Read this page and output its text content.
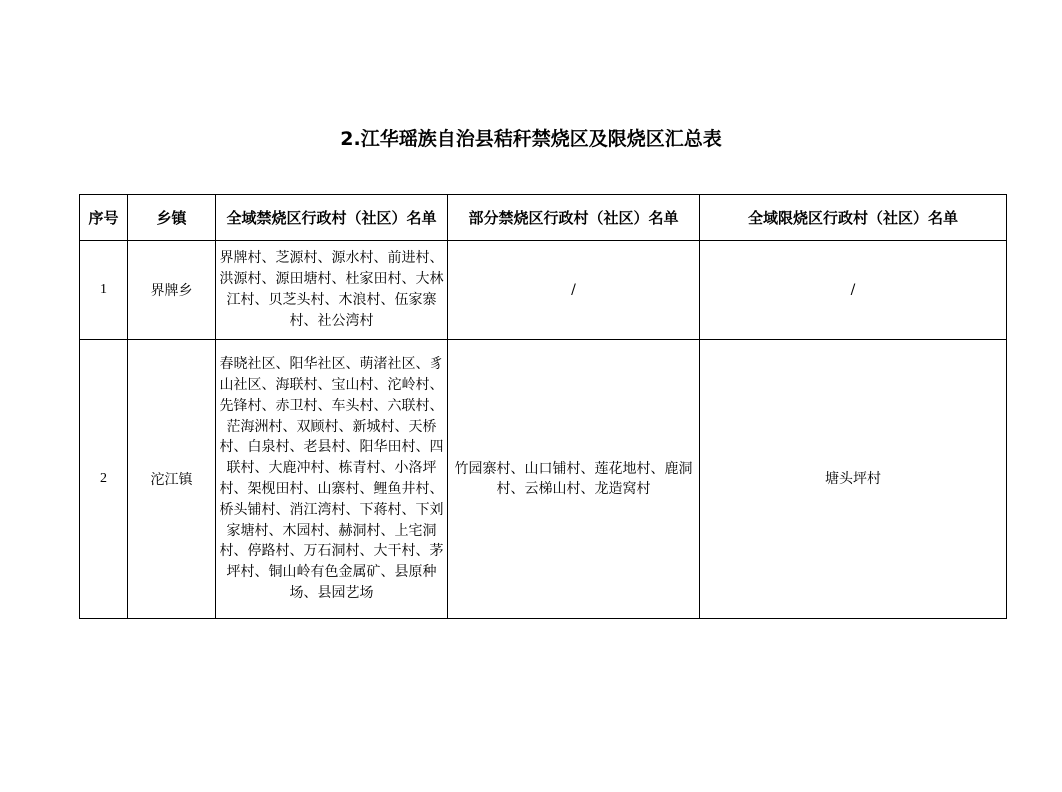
2.江华瑶族自治县秸秆禁烧区及限烧区汇总表
序号	乡镇	全域禁烧区行政村（社区）名单	部分禁烧区行政村（社区）名单	全域限烧区行政村（社区）名单
1	界牌乡	界牌村、芝源村、源水村、前进村、洪源村、源田塘村、杜家田村、大林江村、贝芝头村、木浪村、伍家寨村、社公湾村	/	/
2	沱江镇	春晓社区、阳华社区、萌渚社区、豸山社区、海联村、宝山村、沱岭村、先锋村、赤卫村、车头村、六联村、茫海洲村、双顾村、新城村、天桥村、白泉村、老县村、阳华田村、四联村、大鹿冲村、栋青村、小洛坪村、架枧田村、山寨村、鲤鱼井村、桥头铺村、消江湾村、下蒋村、下刘家塘村、木园村、赫洞村、上宅洞村、停路村、万石洞村、大干村、茅坪村、铜山岭有色金属矿、县原种场、县园艺场	竹园寨村、山口铺村、莲花地村、鹿洞村、云梯山村、龙造窝村	塘头坪村
